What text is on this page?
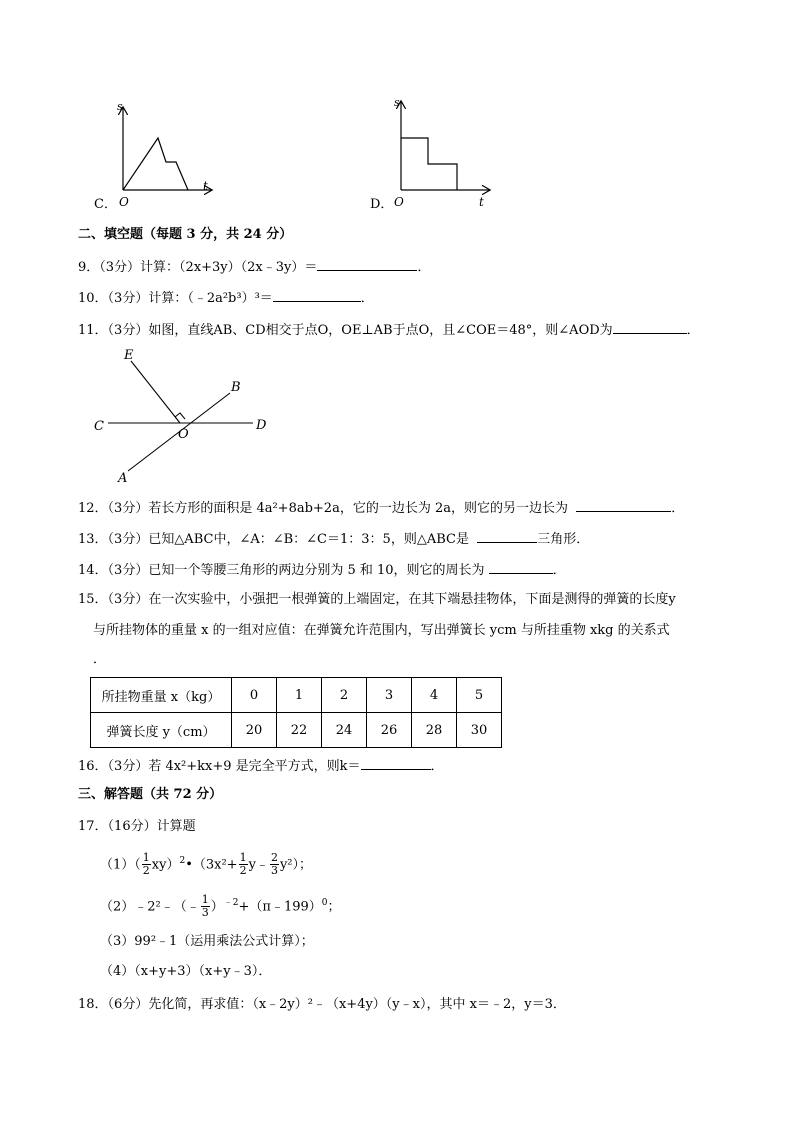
C．
s
t
O	D．
s
t
O
二、填空题（每题 3 分，共 24 分）
9．（3分）计算：（2x+3y）（2x﹣3y）＝	．
10．（3分）计算：（﹣2a²b³）³＝	．
11．（3分）如图，直线AB、CD相交于点O，OE⊥AB于点O，且∠COE＝48°，则∠AOD为	．
E
B
C
O
D
A
12．（3分）若长方形的面积是 4a²+8ab+2a，它的一边长为 2a，则它的另一边长为	．
13．（3分）已知△ABC中，∠A：∠B：∠C＝1：3：5，则△ABC是	三角形．
14．（3分）已知一个等腰三角形的两边分别为 5 和 10，则它的周长为	．
15．（3分）在一次实验中，小强把一根弹簧的上端固定，在其下端悬挂物体，下面是测得的弹簧的长度y
与所挂物体的重量 x 的一组对应值：在弹簧允许范围内，写出弹簧长 ycm 与所挂重物 xkg 的关系式
．
所挂物重量 x（kg）	0	1	2	3	4	5
弹簧长度 y（cm）	20	22	24	26	28	30
16．（3分）若 4x²+kx+9 是完全平方式，则k＝	．
三、解答题（共 72 分）
17．（16分）计算题
$(1)( \frac{1}{2}$ xy）$^2$•（3x²+ $\frac{1}{2}$ y﹣ $\frac{2}{3} y^2$）；
（2）﹣2²﹣（﹣ $\frac{1}{3}$ ）$^{﹣2}$+（π﹣199）$^0$；
（3）99²﹣1（运用乘法公式计算）；
（4）（x+y+3）（x+y﹣3）．
18．（6分）先化简，再求值：（x﹣2y）²﹣（x+4y）（y﹣x），其中 x＝﹣2，y＝3．
